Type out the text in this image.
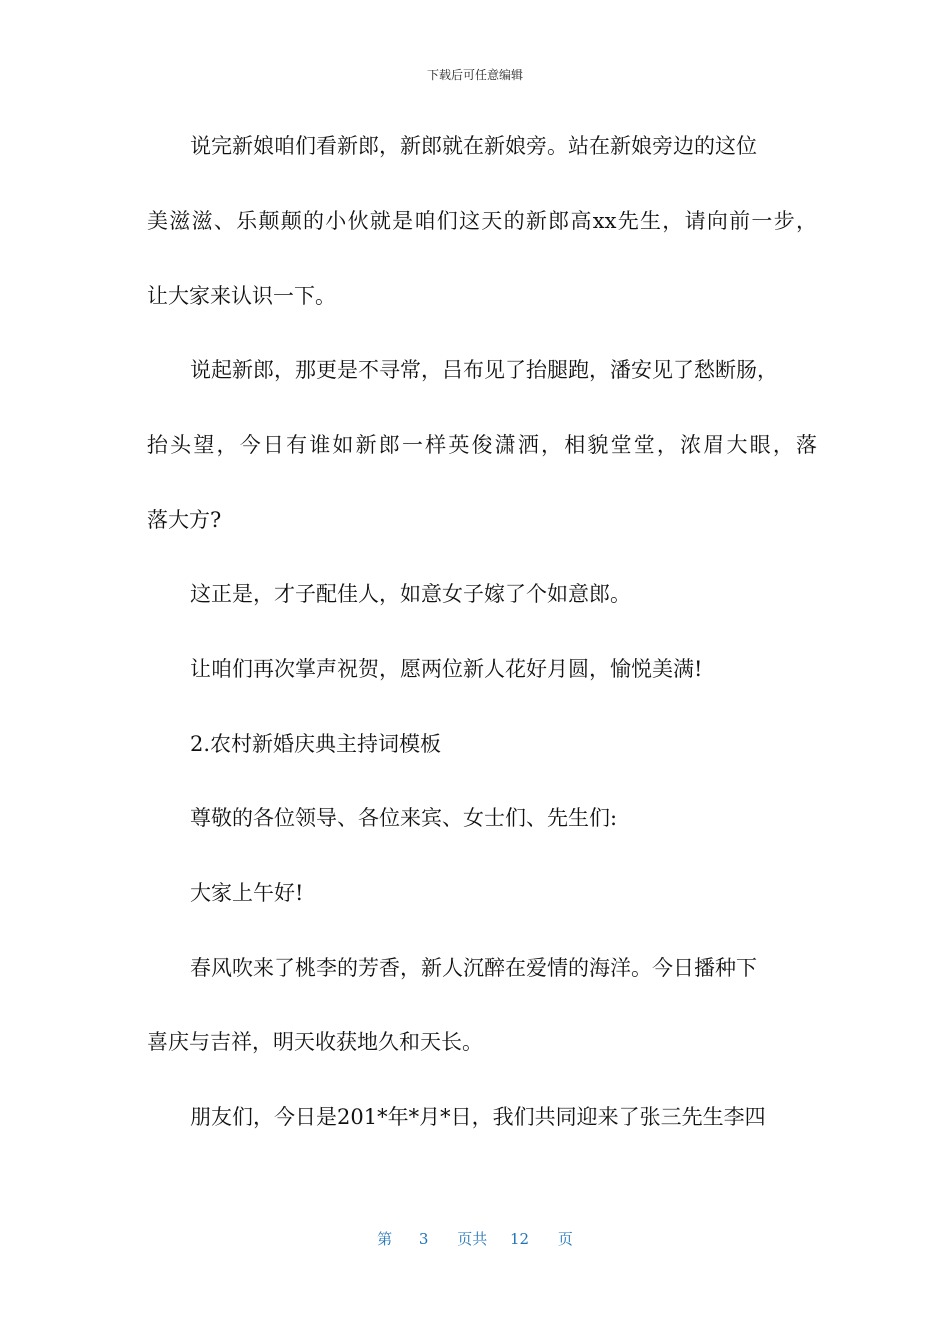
下载后可任意编辑
说完新娘咱们看新郎，新郎就在新娘旁。站在新娘旁边的这位
美滋滋、乐颠颠的小伙就是咱们这天的新郎高xx先生，请向前一步，
让大家来认识一下。
说起新郎，那更是不寻常，吕布见了抬腿跑，潘安见了愁断肠，
抬头望，今日有谁如新郎一样英俊潇洒，相貌堂堂，浓眉大眼，落
落大方?
这正是，才子配佳人，如意女子嫁了个如意郎。
让咱们再次掌声祝贺，愿两位新人花好月圆，愉悦美满!
2.农村新婚庆典主持词模板
尊敬的各位领导、各位来宾、女士们、先生们:
大家上午好!
春风吹来了桃李的芳香，新人沉醉在爱情的海洋。今日播种下
喜庆与吉祥，明天收获地久和天长。
朋友们，今日是201*年*月*日，我们共同迎来了张三先生李四
第 3 页共 12 页
